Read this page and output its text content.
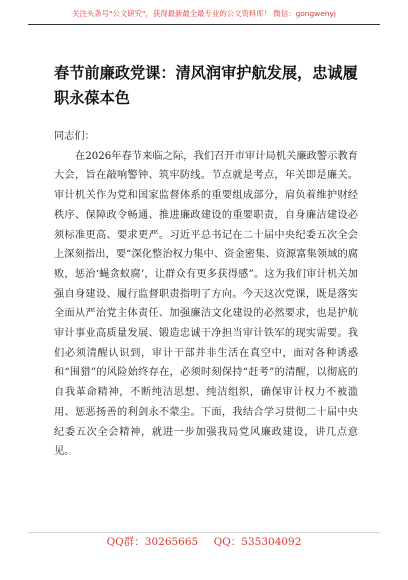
关注头条号"公文研究"，获得最新最全最专业的公文资料库！ 微信：gongwenyj
春节前廉政党课：清风润审护航发展，忠诚履职永葆本色

同志们：

在2026年春节来临之际，我们召开市审计局机关廉政警示教育大会，旨在敲响警钟、筑牢防线。节点就是考点，年关即是廉关。审计机关作为党和国家监督体系的重要组成部分，肩负着维护财经秩序、保障政令畅通、推进廉政建设的重要职责，自身廉洁建设必须标准更高、要求更严。习近平总书记在二十届中央纪委五次全会上深刻指出，要“深化整治权力集中、资金密集、资源富集领域的腐败，惩治‘蝇贪蚁腐’，让群众有更多获得感”。这为我们审计机关加强自身建设、履行监督职责指明了方向。今天这次党课，既是落实全面从严治党主体责任、加强廉洁文化建设的必然要求，也是护航审计事业高质量发展、锻造忠诚干净担当审计铁军的现实需要。我们必须清醒认识到，审计干部并非生活在真空中，面对各种诱惑和“围猎”的风险始终存在，必须时刻保持“赶考”的清醒，以彻底的自我革命精神，不断纯洁思想、纯洁组织，确保审计权力不被滥用、惩恶扬善的利剑永不蒙尘。下面，我结合学习贯彻二十届中央纪委五次全会精神，就进一步加强我局党风廉政建设，讲几点意见。

QQ群：30265665 QQ：535304092
